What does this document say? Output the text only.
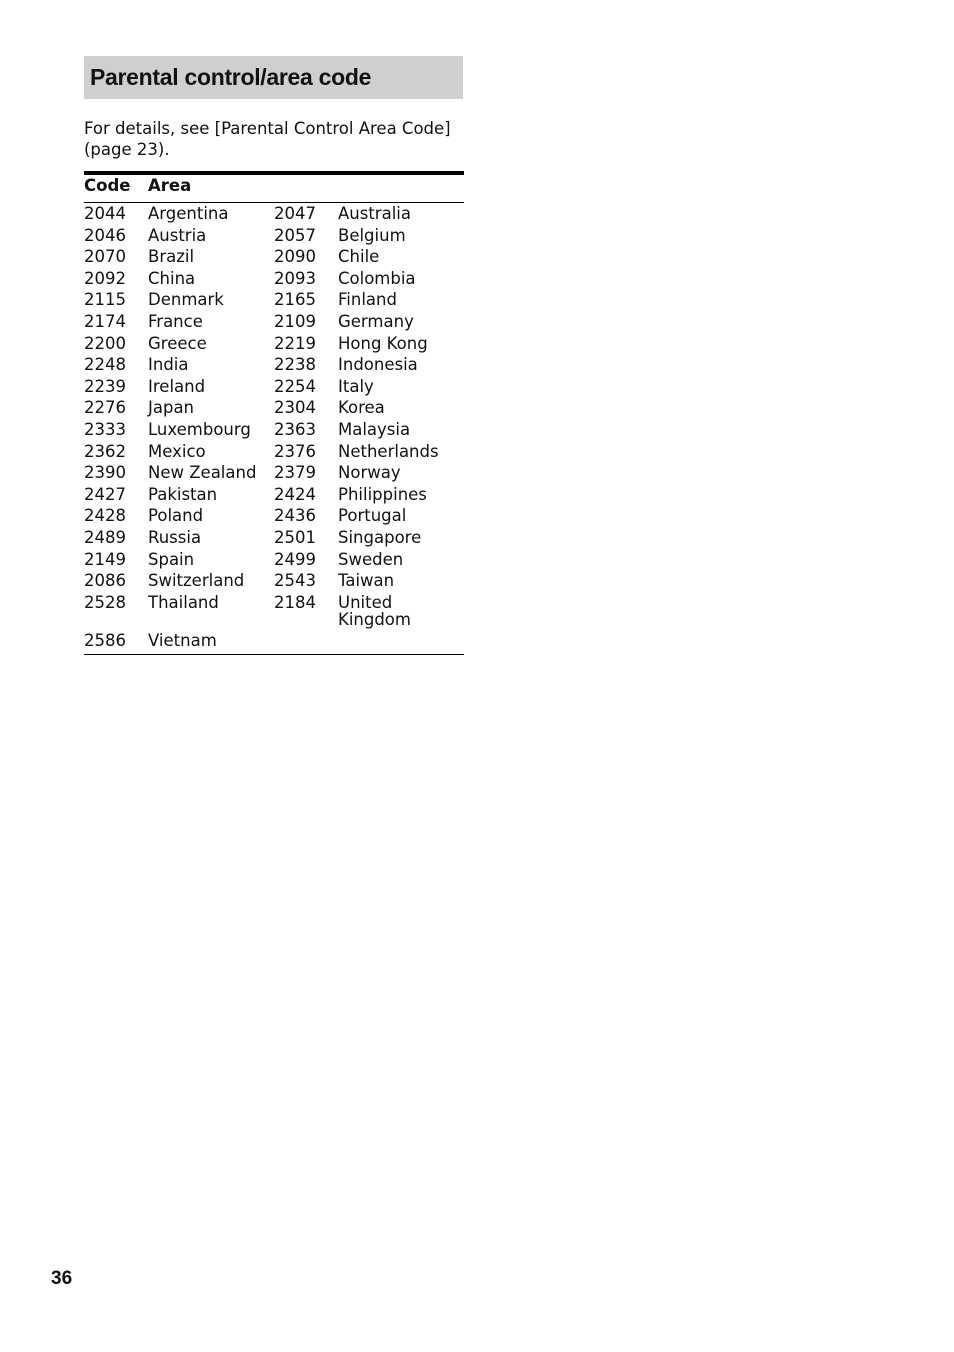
Parental control/area code

For details, see [Parental Control Area Code] (page 23).

Code	Area		
2044	Argentina	2047	Australia
2046	Austria	2057	Belgium
2070	Brazil	2090	Chile
2092	China	2093	Colombia
2115	Denmark	2165	Finland
2174	France	2109	Germany
2200	Greece	2219	Hong Kong
2248	India	2238	Indonesia
2239	Ireland	2254	Italy
2276	Japan	2304	Korea
2333	Luxembourg	2363	Malaysia
2362	Mexico	2376	Netherlands
2390	New Zealand	2379	Norway
2427	Pakistan	2424	Philippines
2428	Poland	2436	Portugal
2489	Russia	2501	Singapore
2149	Spain	2499	Sweden
2086	Switzerland	2543	Taiwan
2528	Thailand	2184	United Kingdom
2586	Vietnam		
36
